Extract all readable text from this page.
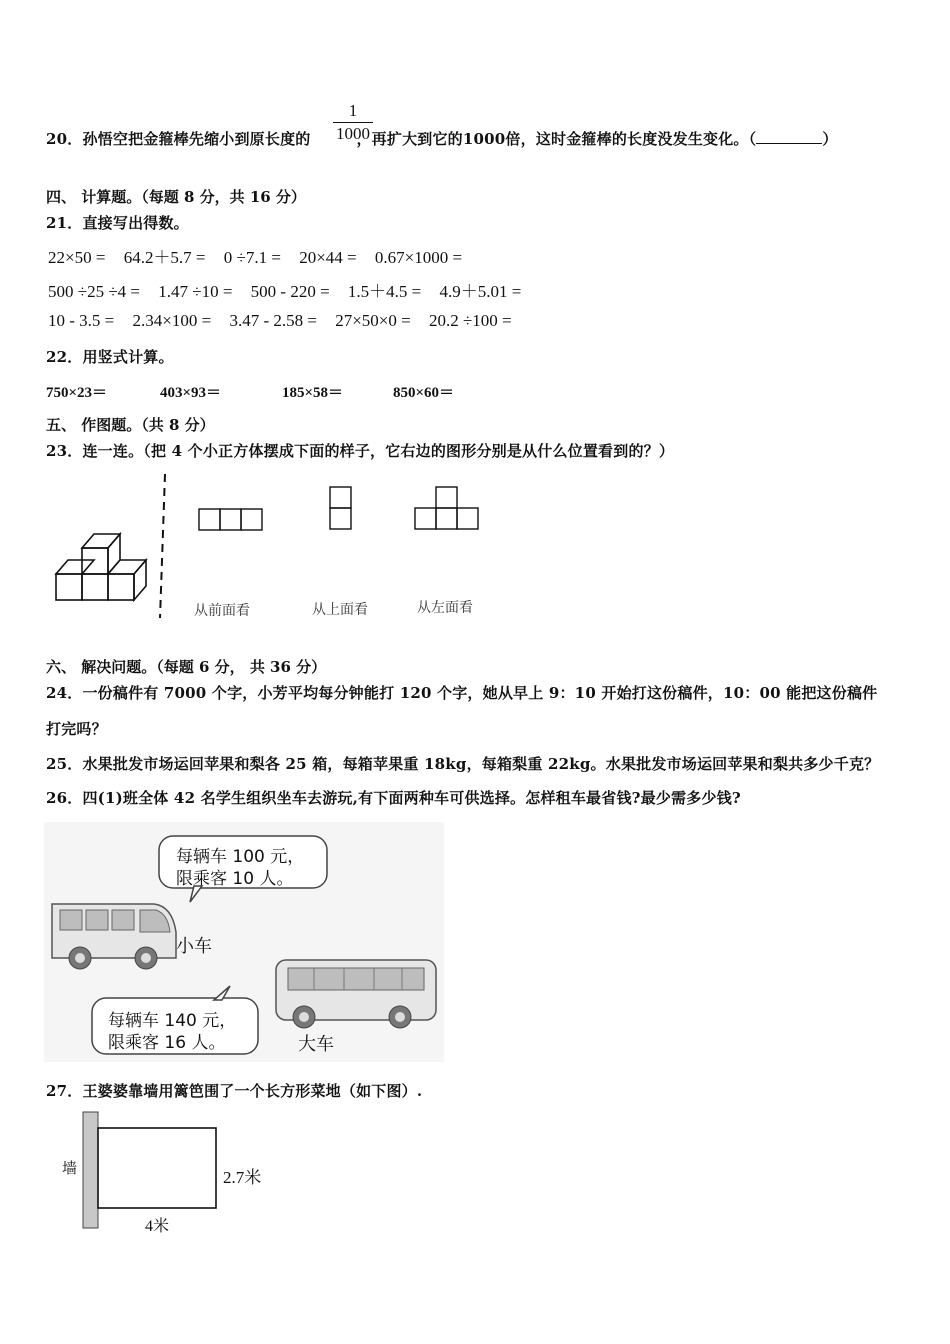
20．孙悟空把金箍棒先缩小到原长度的	，再扩大到它的1000倍，这时金箍棒的长度没发生变化。（	）
1
1000
四、 计算题。（每题 8 分，共 16 分）
21．直接写出得数。
22×50 = 64.2＋5.7 = 0 ÷7.1 = 20×44 = 0.67×1000 =
500 ÷25 ÷4 = 1.47 ÷10 = 500 - 220 = 1.5＋4.5 = 4.9＋5.01 =
10 - 3.5 = 2.34×100 = 3.47 - 2.58 = 27×50×0 = 20.2 ÷100 =
22．用竖式计算。
750×23＝	403×93＝	185×58＝	850×60＝
五、 作图题。（共 8 分）
23．连一连。（把 4 个小正方体摆成下面的样子，它右边的图形分别是从什么位置看到的？）
从前面看	从上面看	从左面看
六、 解决问题。（每题 6 分， 共 36 分）
24．一份稿件有 7000 个字，小芳平均每分钟能打 120 个字，她从早上 9：10 开始打这份稿件，10：00 能把这份稿件
打完吗？
25．水果批发市场运回苹果和梨各 25 箱，每箱苹果重 18kg，每箱梨重 22kg。水果批发市场运回苹果和梨共多少千克？
26．四(1)班全体 42 名学生组织坐车去游玩,有下面两种车可供选择。怎样租车最省钱?最少需多少钱?
每辆车 100 元，
限乘客 10 人。
小车
每辆车 140 元，
限乘客 16 人。	大车
27．王婆婆靠墙用篱笆围了一个长方形菜地（如下图）.
墙	2.7米
4米
